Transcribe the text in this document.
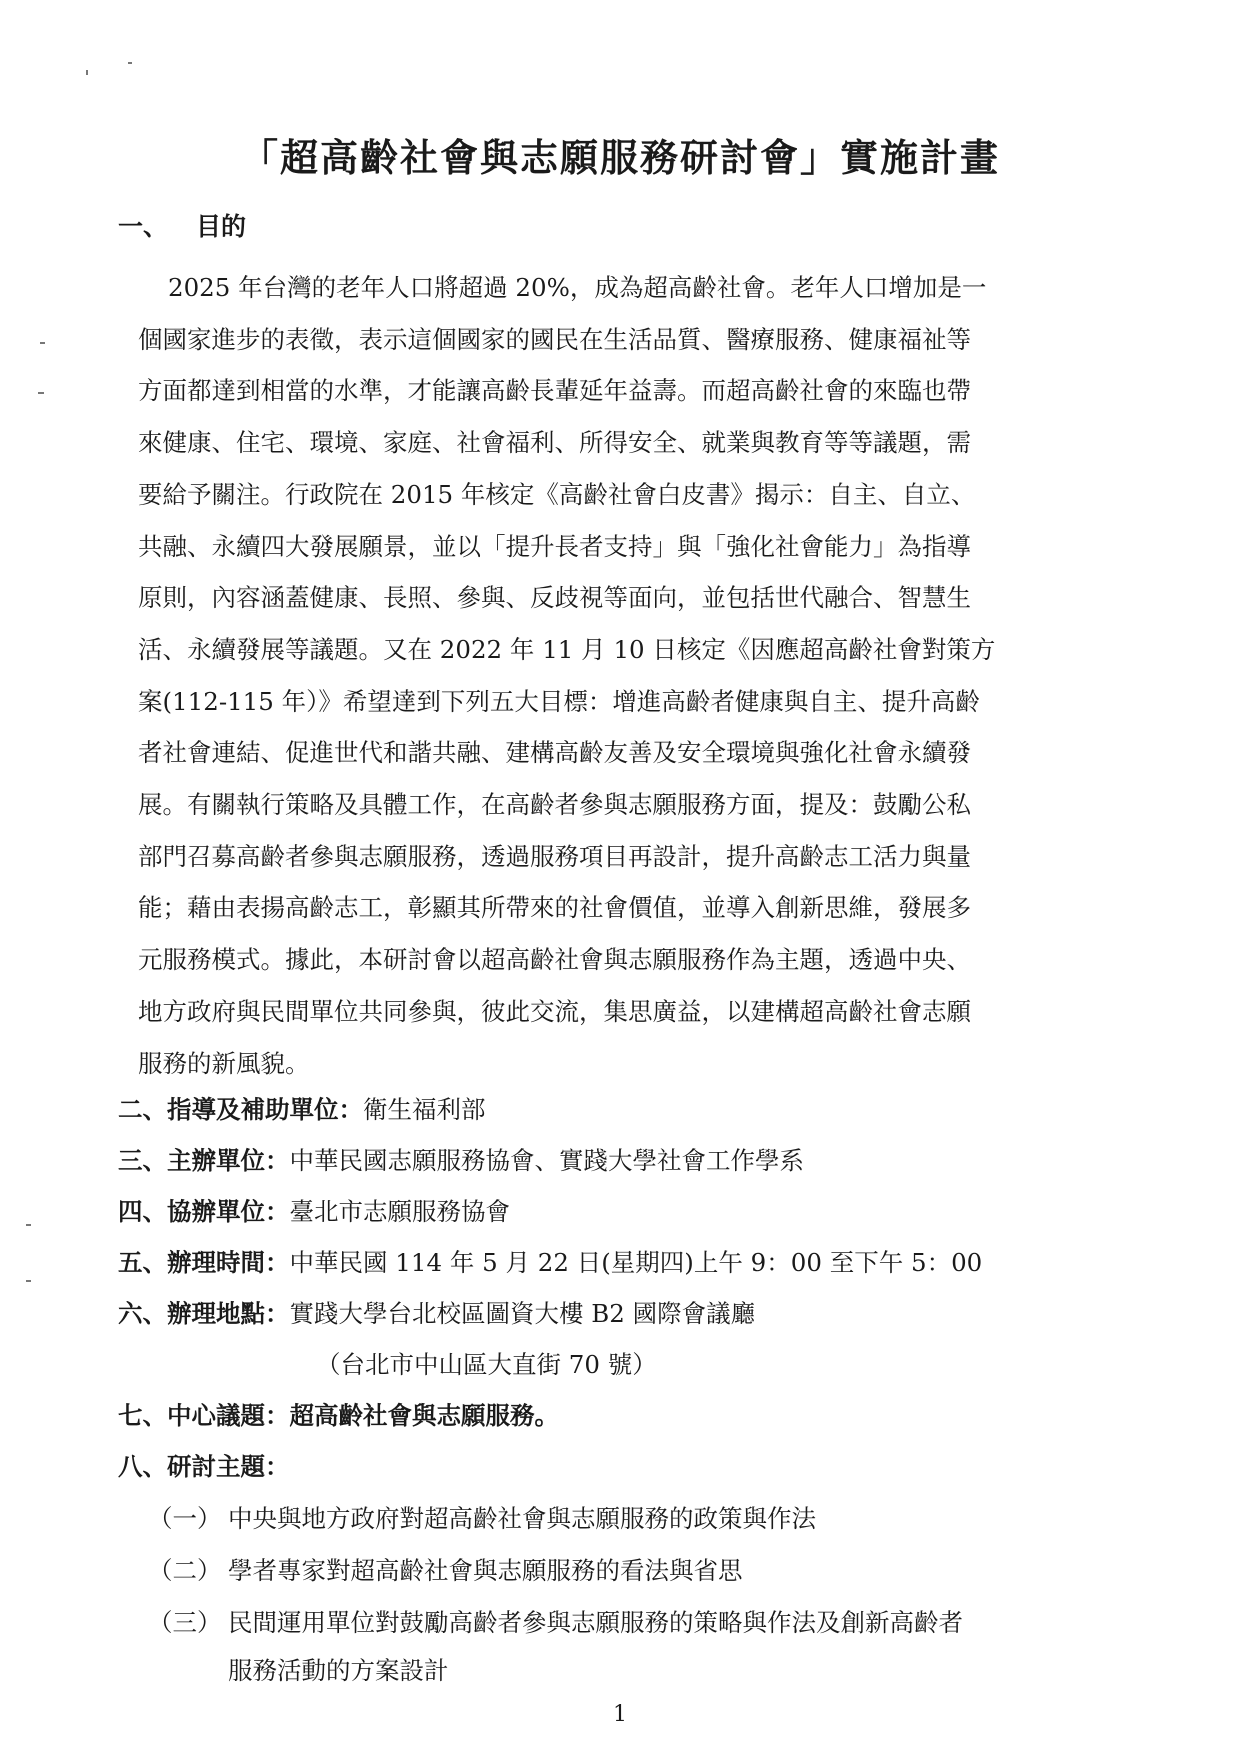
「超高齡社會與志願服務研討會」實施計畫
一、 目的

2025 年台灣的老年人口將超過 20%，成為超高齡社會。老年人口增加是一

個國家進步的表徵，表示這個國家的國民在生活品質、醫療服務、健康福祉等

方面都達到相當的水準，才能讓高齡長輩延年益壽。而超高齡社會的來臨也帶

來健康、住宅、環境、家庭、社會福利、所得安全、就業與教育等等議題，需

要給予關注。行政院在 2015 年核定《高齡社會白皮書》揭示：自主、自立、

共融、永續四大發展願景，並以「提升長者支持」與「強化社會能力」為指導

原則，內容涵蓋健康、長照、參與、反歧視等面向，並包括世代融合、智慧生

活、永續發展等議題。又在 2022 年 11 月 10 日核定《因應超高齡社會對策方

案(112-115 年）》希望達到下列五大目標：增進高齡者健康與自主、提升高齡

者社會連結、促進世代和諧共融、建構高齡友善及安全環境與強化社會永續發

展。有關執行策略及具體工作，在高齡者參與志願服務方面，提及：鼓勵公私

部門召募高齡者參與志願服務，透過服務項目再設計，提升高齡志工活力與量

能；藉由表揚高齡志工，彰顯其所帶來的社會價值，並導入創新思維，發展多

元服務模式。據此，本研討會以超高齡社會與志願服務作為主題，透過中央、

地方政府與民間單位共同參與，彼此交流，集思廣益，以建構超高齡社會志願

服務的新風貌。

二、指導及補助單位：衛生福利部
三、主辦單位：中華民國志願服務協會、實踐大學社會工作學系
四、協辦單位：臺北市志願服務協會
五、辦理時間：中華民國 114 年 5 月 22 日(星期四)上午 9：00 至下午 5：00
六、辦理地點：實踐大學台北校區圖資大樓 B2 國際會議廳
（台北市中山區大直街 70 號）
七、中心議題：超高齡社會與志願服務。
八、研討主題：
（一） 中央與地方政府對超高齡社會與志願服務的政策與作法
（二） 學者專家對超高齡社會與志願服務的看法與省思
（三） 民間運用單位對鼓勵高齡者參與志願服務的策略與作法及創新高齡者
服務活動的方案設計
1
